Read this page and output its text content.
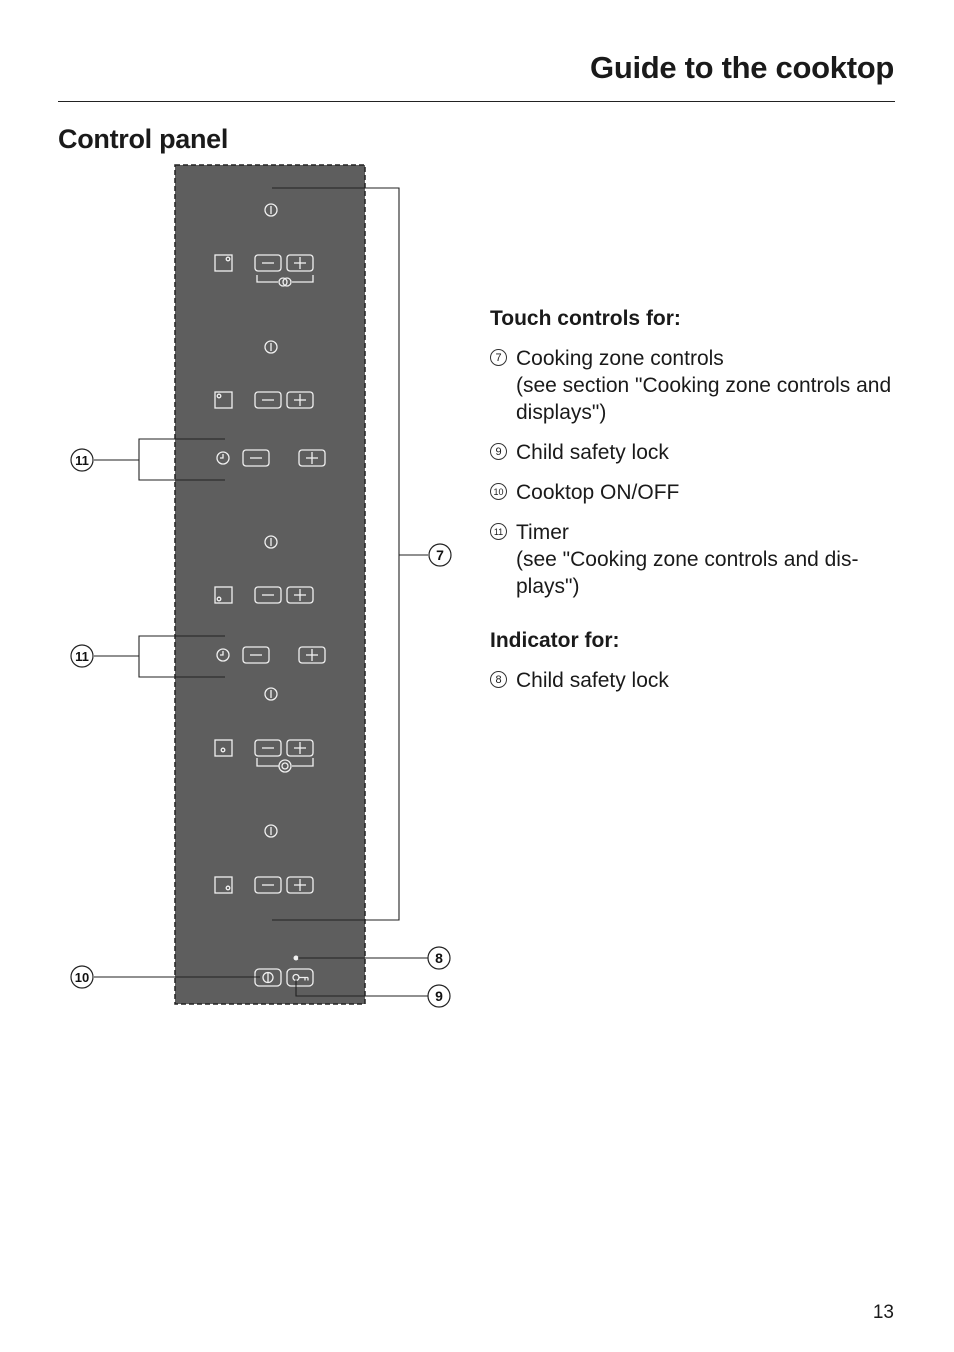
Guide to the cooktop
Control panel
7
11
11
8
9
10
Touch controls for:
7 Cooking zone controls
(see section "Cooking zone controls and displays")
9 Child safety lock
10 Cooktop ON/OFF
11 Timer
(see "Cooking zone controls and dis-plays")
Indicator for:
8 Child safety lock
13
